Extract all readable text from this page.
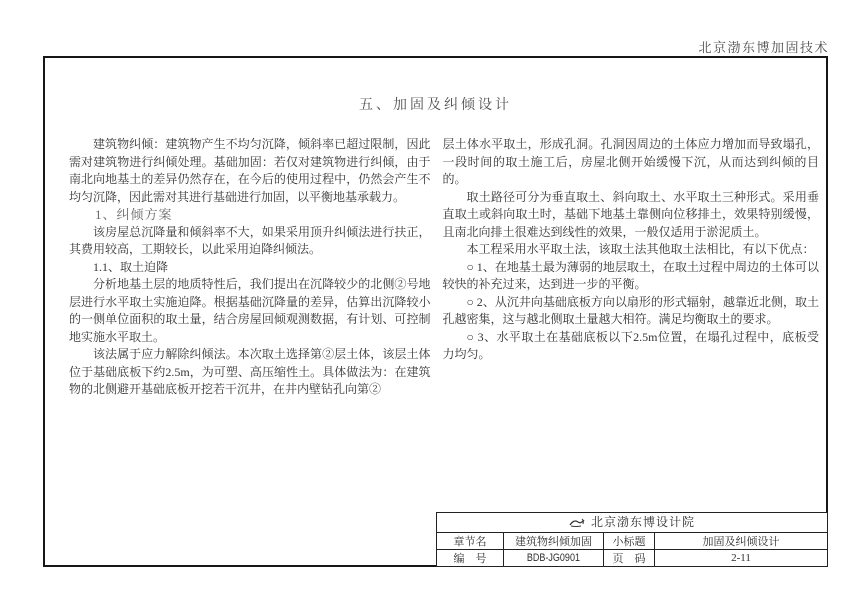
北京渤东博加固技术
五、加固及纠倾设计

建筑物纠倾：建筑物产生不均匀沉降，倾斜率已超过限制，因此需对建筑物进行纠倾处理。基础加固：若仅对建筑物进行纠倾，由于南北向地基土的差异仍然存在，在今后的使用过程中，仍然会产生不均匀沉降，因此需对其进行基础进行加固，以平衡地基承载力。

1、纠倾方案

该房屋总沉降量和倾斜率不大，如果采用顶升纠倾法进行扶正，其费用较高，工期较长，以此采用迫降纠倾法。

1.1、取土迫降

分析地基土层的地质特性后，我们提出在沉降较少的北侧②号地层进行水平取土实施迫降。根据基础沉降量的差异，估算出沉降较小的一侧单位面积的取土量，结合房屋回倾观测数据，有计划、可控制地实施水平取土。

该法属于应力解除纠倾法。本次取土选择第②层土体，该层土体位于基础底板下约2.5m，为可塑、高压缩性土。具体做法为：在建筑物的北侧避开基础底板开挖若干沉井，在井内壁钻孔向第②

层土体水平取土，形成孔洞。孔洞因周边的土体应力增加而导致塌孔，一段时间的取土施工后，房屋北侧开始缓慢下沉，从而达到纠倾的目的。

取土路径可分为垂直取土、斜向取土、水平取土三种形式。采用垂直取土或斜向取土时，基础下地基土靠侧向位移排土，效果特别缓慢，且南北向排土很难达到线性的效果，一般仅适用于淤泥质土。

本工程采用水平取土法，该取土法其他取土法相比，有以下优点：

○ 1、在地基土最为薄弱的地层取土，在取土过程中周边的土体可以较快的补充过来，达到进一步的平衡。

○ 2、从沉井向基础底板方向以扇形的形式辐射，越靠近北侧，取土孔越密集，这与越北侧取土量越大相符。满足均衡取土的要求。

○ 3、水平取土在基础底板以下2.5m位置，在塌孔过程中，底板受力均匀。

北京渤东博设计院			
章节名	建筑物纠倾加固	小标题	加固及纠倾设计
编　号	BDB-JG0901	页　码	2-11
